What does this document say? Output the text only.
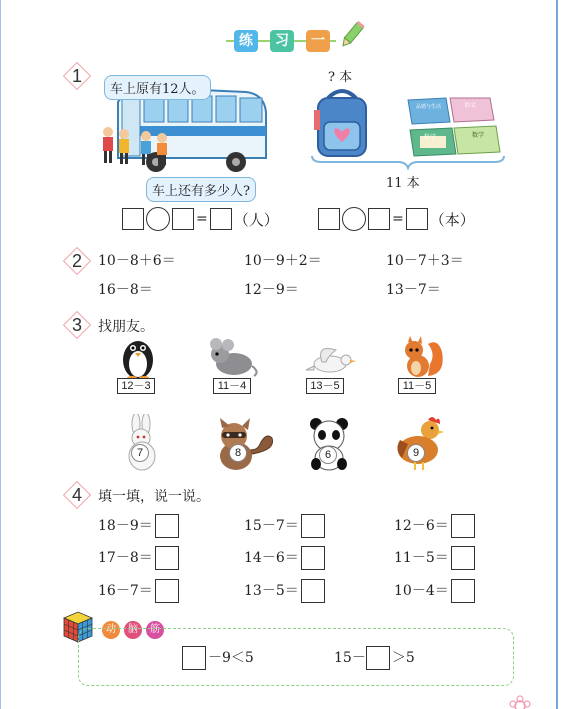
练	习	一
1
车上原有12人。
车上还有多少人?
? 本
品德与生活	语文
科学	数学
11 本
= （人）	= （本）
2	10－8＋6＝	10－9＋2＝	10－7＋3＝
16－8＝	12－9＝	13－7＝
3	找朋友。
12－3	11－4	13－5	11－5
7	8	6	9
4	填一填，说一说。
18－9＝	15－7＝	12－6＝
17－8＝	14－6＝	11－5＝
16－7＝	13－5＝	10－4＝
动	脑	筋
－9＜5	15－ ＞5
